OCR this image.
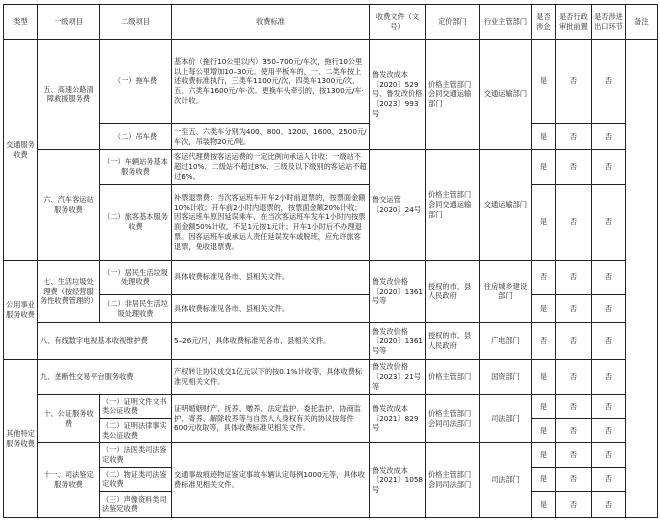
类型	一级项目	二级项目	收费标准	收费文件（文号）	定价部门	行业主管部门	是否涉企	是否行政审批前置	是否涉进出口环节	备注
交通服务收费	五、高速公路清障救援服务费	（一）拖车费	基本价（拖行10公里以内）350–700元/车次，拖行10公里以上每公里增加10–30元。使用平板车的，一、二类车按上述收费标准执行，三类车1100元/次，四类车1300元/次，五、六类车1600元/车·次。更换车头牵引的，按1300元/车·次计收。	鲁发改成本〔2020〕529号、鲁发改价格〔2023〕993号	价格主管部门会同交通运输部门	交通运输部门	是	否	否	
		（二）吊车费	一至五、六类车分别为400、800、1200、1600、2500元/车次，吊装物20元/吨。				是	否	否	
	六、汽车客运站服务收费	（一）车辆站务基本服务收费	客运代理费按客运运费的一定比例向承运人计收：一级站不超过10%、二级站不超过8%、三级及以下级别的客运站不超过6%。	鲁交运管〔2020〕24号	价格主管部门会同交通运输部门	交通运输部门	是	否	否	
		（二）旅客基本服务收费	补票退票费：当次客运班车开车2小时前退票的，按票面金额10%计收；开车前2小时内退票的，按票面金额20%计收；因客运班车原因延误乘车，在当次客运班车发车1小时内按票面金额50%计收，不足1元按1元计；开车1小时后不办理退票。因客运班车或承运人责任延误发车或脱班，应允许旅客退票，免收退票费。				是	否	否	
公用事业服务收费	七、生活垃圾处理费（按经营服务性收费管理的）	（一）居民生活垃圾处理收费	具体收费标准见各市、县相关文件。	鲁发改价格〔2020〕1361号等	授权的市、县人民政府	住房城乡建设部门	否	否	否	
		（二）非居民生活垃圾处理收费	具体收费标准见各市、县相关文件。				是	否	否	
	八、有线数字电视基本收视维护费		5–26元/月，具体收费标准见各市、县相关文件。	鲁发改价格〔2020〕1361号等	授权的市、县人民政府	广电部门	否	否	否	
其他特定服务收费	九、垄断性交易平台服务收费		产权转让协议成交1亿元以下的按0.1%计收等，具体收费标准见相关文件。	鲁发改价格〔2023〕21号等	价格主管部门	国资部门	是	否	否	
	十、公证服务收费	（一）证明文件文书类公证收费	证明婚姻财产、抚养、赠养、法定监护、委托监护、协商监护、寄养、解除收养等与自然人人身权有关的协议按每件600元收取等，具体收费标准见相关文件。	鲁发改成本〔2021〕829号	价格主管部门会同司法部门	司法部门	是	否	否	
		（二）证明法律事实类公证收费					是	否	否	
	十一、司法鉴定服务收费	（一）法医类司法鉴定收费	交通事故痕迹物证鉴定事故车辆认定每例1000元等，具体收费标准见相关文件。	鲁发改成本〔2021〕1058号	价格主管部门会同司法部门	司法部门	是	否	否	
		（二）物证类司法鉴定收费					是	否	否	
		（三）声像资料类司法鉴定收费					是	否	否	
